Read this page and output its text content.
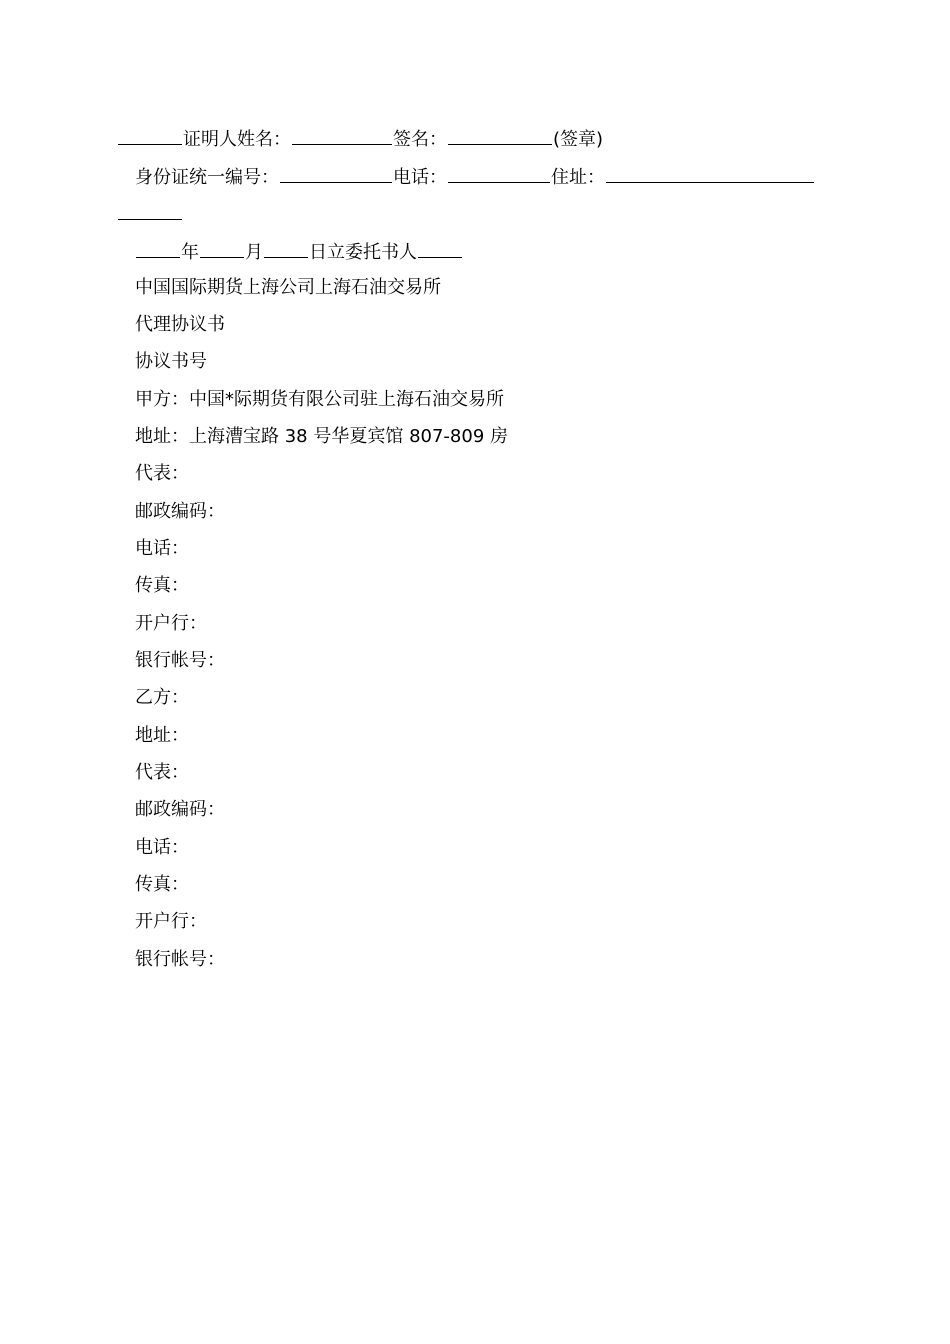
证明人姓名：	签名：	(签章)
身份证统一编号：	电话：	住址：
年	月	日立委托书人
中国国际期货上海公司上海石油交易所
代理协议书
协议书号
甲方：中国*际期货有限公司驻上海石油交易所
地址：上海漕宝路 38 号华夏宾馆 807-809 房
代表：
邮政编码：
电话：
传真：
开户行：
银行帐号：
乙方：
地址：
代表：
邮政编码：
电话：
传真：
开户行：
银行帐号：
